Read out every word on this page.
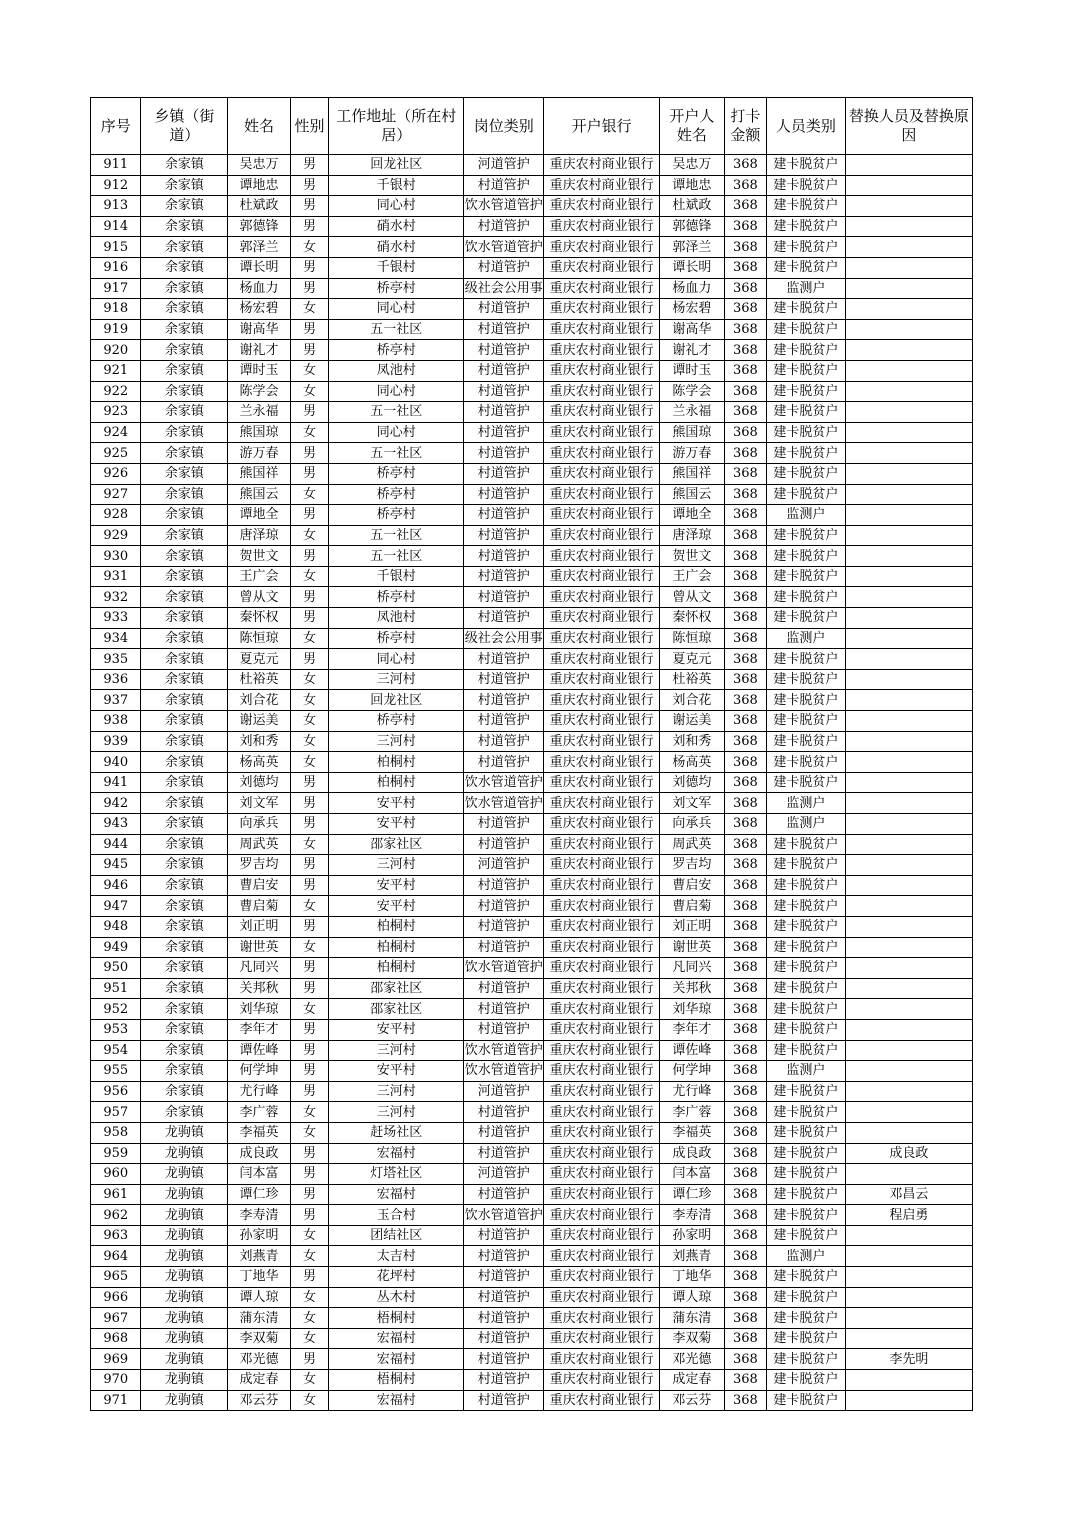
序号	乡镇（街道）	姓名	性别	工作地址（所在村居）	岗位类别	开户银行	开户人姓名	打卡金额	人员类别	替换人员及替换原因
911	余家镇	吴忠万	男	回龙社区	河道管护	重庆农村商业银行	吴忠万	368	建卡脱贫户	
912	余家镇	谭地忠	男	千银村	村道管护	重庆农村商业银行	谭地忠	368	建卡脱贫户	
913	余家镇	杜斌政	男	同心村	饮水管道管护	重庆农村商业银行	杜斌政	368	建卡脱贫户	
914	余家镇	郭德锋	男	硝水村	村道管护	重庆农村商业银行	郭德锋	368	建卡脱贫户	
915	余家镇	郭泽兰	女	硝水村	饮水管道管护	重庆农村商业银行	郭泽兰	368	建卡脱贫户	
916	余家镇	谭长明	男	千银村	村道管护	重庆农村商业银行	谭长明	368	建卡脱贫户	
917	余家镇	杨血力	男	桥亭村	级社会公用事	重庆农村商业银行	杨血力	368	监测户	
918	余家镇	杨宏碧	女	同心村	村道管护	重庆农村商业银行	杨宏碧	368	建卡脱贫户	
919	余家镇	谢高华	男	五一社区	村道管护	重庆农村商业银行	谢高华	368	建卡脱贫户	
920	余家镇	谢礼才	男	桥亭村	村道管护	重庆农村商业银行	谢礼才	368	建卡脱贫户	
921	余家镇	谭时玉	女	凤池村	村道管护	重庆农村商业银行	谭时玉	368	建卡脱贫户	
922	余家镇	陈学会	女	同心村	村道管护	重庆农村商业银行	陈学会	368	建卡脱贫户	
923	余家镇	兰永福	男	五一社区	村道管护	重庆农村商业银行	兰永福	368	建卡脱贫户	
924	余家镇	熊国琼	女	同心村	村道管护	重庆农村商业银行	熊国琼	368	建卡脱贫户	
925	余家镇	游万春	男	五一社区	村道管护	重庆农村商业银行	游万春	368	建卡脱贫户	
926	余家镇	熊国祥	男	桥亭村	村道管护	重庆农村商业银行	熊国祥	368	建卡脱贫户	
927	余家镇	熊国云	女	桥亭村	村道管护	重庆农村商业银行	熊国云	368	建卡脱贫户	
928	余家镇	谭地全	男	桥亭村	村道管护	重庆农村商业银行	谭地全	368	监测户	
929	余家镇	唐泽琼	女	五一社区	村道管护	重庆农村商业银行	唐泽琼	368	建卡脱贫户	
930	余家镇	贺世文	男	五一社区	村道管护	重庆农村商业银行	贺世文	368	建卡脱贫户	
931	余家镇	王广会	女	千银村	村道管护	重庆农村商业银行	王广会	368	建卡脱贫户	
932	余家镇	曾从文	男	桥亭村	村道管护	重庆农村商业银行	曾从文	368	建卡脱贫户	
933	余家镇	秦怀权	男	凤池村	村道管护	重庆农村商业银行	秦怀权	368	建卡脱贫户	
934	余家镇	陈恒琼	女	桥亭村	级社会公用事	重庆农村商业银行	陈恒琼	368	监测户	
935	余家镇	夏克元	男	同心村	村道管护	重庆农村商业银行	夏克元	368	建卡脱贫户	
936	余家镇	杜裕英	女	三河村	村道管护	重庆农村商业银行	杜裕英	368	建卡脱贫户	
937	余家镇	刘合花	女	回龙社区	村道管护	重庆农村商业银行	刘合花	368	建卡脱贫户	
938	余家镇	谢运美	女	桥亭村	村道管护	重庆农村商业银行	谢运美	368	建卡脱贫户	
939	余家镇	刘和秀	女	三河村	村道管护	重庆农村商业银行	刘和秀	368	建卡脱贫户	
940	余家镇	杨高英	女	柏桐村	村道管护	重庆农村商业银行	杨高英	368	建卡脱贫户	
941	余家镇	刘德均	男	柏桐村	饮水管道管护	重庆农村商业银行	刘德均	368	建卡脱贫户	
942	余家镇	刘文军	男	安平村	饮水管道管护	重庆农村商业银行	刘文军	368	监测户	
943	余家镇	向承兵	男	安平村	村道管护	重庆农村商业银行	向承兵	368	监测户	
944	余家镇	周武英	女	邵家社区	村道管护	重庆农村商业银行	周武英	368	建卡脱贫户	
945	余家镇	罗吉均	男	三河村	河道管护	重庆农村商业银行	罗吉均	368	建卡脱贫户	
946	余家镇	曹启安	男	安平村	村道管护	重庆农村商业银行	曹启安	368	建卡脱贫户	
947	余家镇	曹启菊	女	安平村	村道管护	重庆农村商业银行	曹启菊	368	建卡脱贫户	
948	余家镇	刘正明	男	柏桐村	村道管护	重庆农村商业银行	刘正明	368	建卡脱贫户	
949	余家镇	谢世英	女	柏桐村	村道管护	重庆农村商业银行	谢世英	368	建卡脱贫户	
950	余家镇	凡同兴	男	柏桐村	饮水管道管护	重庆农村商业银行	凡同兴	368	建卡脱贫户	
951	余家镇	关邦秋	男	邵家社区	村道管护	重庆农村商业银行	关邦秋	368	建卡脱贫户	
952	余家镇	刘华琼	女	邵家社区	村道管护	重庆农村商业银行	刘华琼	368	建卡脱贫户	
953	余家镇	李年才	男	安平村	村道管护	重庆农村商业银行	李年才	368	建卡脱贫户	
954	余家镇	谭佐峰	男	三河村	饮水管道管护	重庆农村商业银行	谭佐峰	368	建卡脱贫户	
955	余家镇	何学坤	男	安平村	饮水管道管护	重庆农村商业银行	何学坤	368	监测户	
956	余家镇	尤行峰	男	三河村	河道管护	重庆农村商业银行	尤行峰	368	建卡脱贫户	
957	余家镇	李广蓉	女	三河村	村道管护	重庆农村商业银行	李广蓉	368	建卡脱贫户	
958	龙驹镇	李福英	女	赶场社区	村道管护	重庆农村商业银行	李福英	368	建卡脱贫户	
959	龙驹镇	成良政	男	宏福村	村道管护	重庆农村商业银行	成良政	368	建卡脱贫户	成良政
960	龙驹镇	闫本富	男	灯塔社区	河道管护	重庆农村商业银行	闫本富	368	建卡脱贫户	
961	龙驹镇	谭仁珍	男	宏福村	村道管护	重庆农村商业银行	谭仁珍	368	建卡脱贫户	邓昌云
962	龙驹镇	李寿清	男	玉合村	饮水管道管护	重庆农村商业银行	李寿清	368	建卡脱贫户	程启勇
963	龙驹镇	孙家明	女	团结社区	村道管护	重庆农村商业银行	孙家明	368	建卡脱贫户	
964	龙驹镇	刘燕青	女	太吉村	村道管护	重庆农村商业银行	刘燕青	368	监测户	
965	龙驹镇	丁地华	男	花坪村	村道管护	重庆农村商业银行	丁地华	368	建卡脱贫户	
966	龙驹镇	谭人琼	女	丛木村	村道管护	重庆农村商业银行	谭人琼	368	建卡脱贫户	
967	龙驹镇	蒲东清	女	梧桐村	村道管护	重庆农村商业银行	蒲东清	368	建卡脱贫户	
968	龙驹镇	李双菊	女	宏福村	村道管护	重庆农村商业银行	李双菊	368	建卡脱贫户	
969	龙驹镇	邓光德	男	宏福村	村道管护	重庆农村商业银行	邓光德	368	建卡脱贫户	李先明
970	龙驹镇	成定春	女	梧桐村	村道管护	重庆农村商业银行	成定春	368	建卡脱贫户	
971	龙驹镇	邓云芬	女	宏福村	村道管护	重庆农村商业银行	邓云芬	368	建卡脱贫户	
